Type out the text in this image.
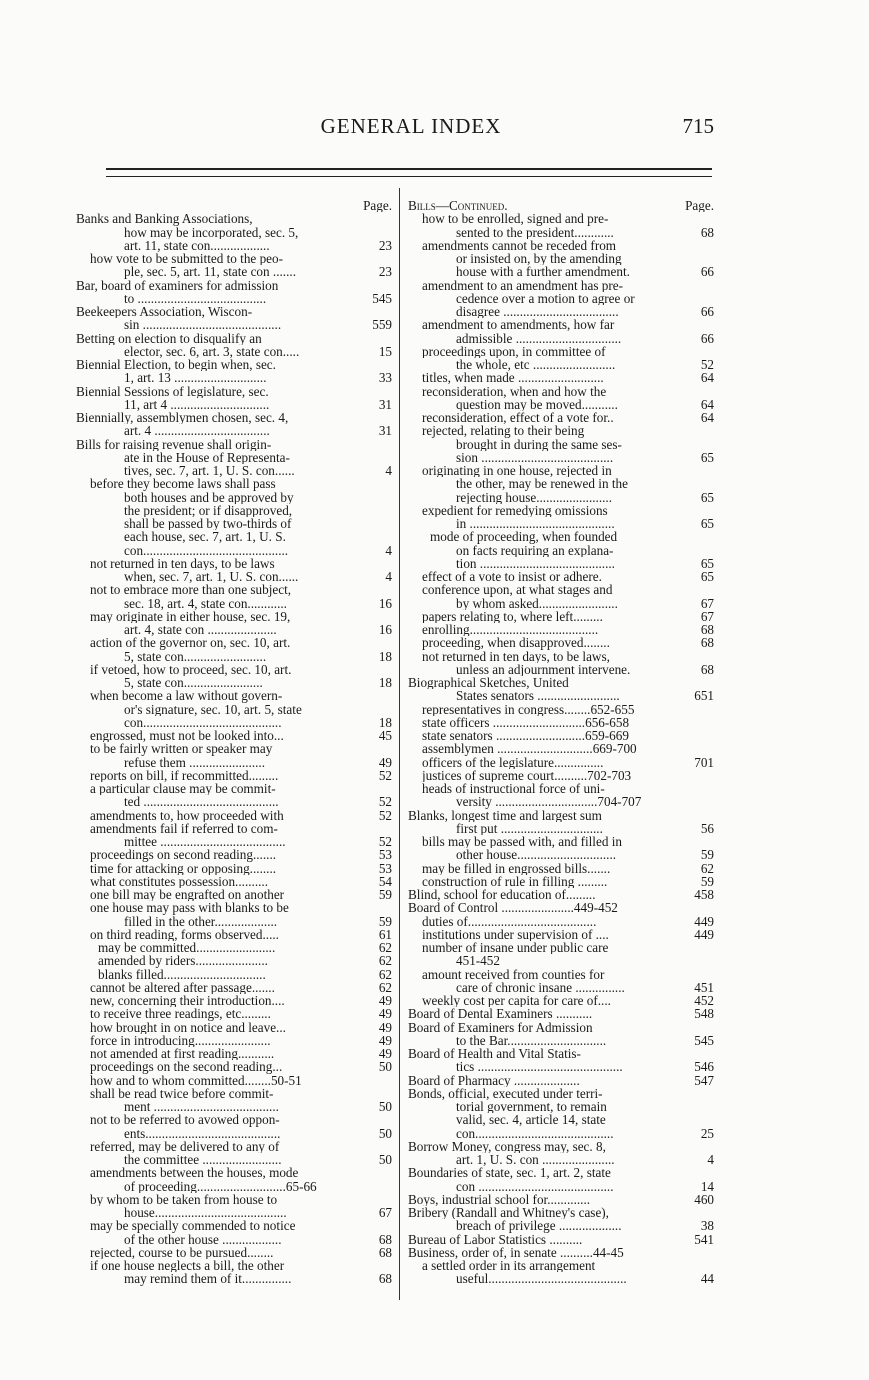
GENERAL INDEX	715
Page.
Banks and Banking Associations,
how may be incorporated, sec. 5,
art. 11, state con..................	23
how vote to be submitted to the peo-
ple, sec. 5, art. 11, state con .......	23
Bar, board of examiners for admission
to .......................................	545
Beekeepers Association, Wiscon-
sin ..........................................	559
Betting on election to disqualify an
elector, sec. 6, art. 3, state con.....	15
Biennial Election, to begin when, sec.
1, art. 13 ............................	33
Biennial Sessions of legislature, sec.
11, art 4 ..............................	31
Biennially, assemblymen chosen, sec. 4,
art. 4 ...................................	31
Bills for raising revenue shall origin-
ate in the House of Representa-
tives, sec. 7, art. 1, U. S. con......	4
before they become laws shall pass
both houses and be approved by
the president; or if disapproved,
shall be passed by two-thirds of
each house, sec. 7, art. 1, U. S.
con............................................	4
not returned in ten days, to be laws
when, sec. 7, art. 1, U. S. con......	4
not to embrace more than one subject,
sec. 18, art. 4, state con............	16
may originate in either house, sec. 19,
art. 4, state con .....................	16
action of the governor on, sec. 10, art.
5, state con.........................	18
if vetoed, how to proceed, sec. 10, art.
5, state con........................	18
when become a law without govern-
or's signature, sec. 10, art. 5, state
con..........................................	18
engrossed, must not be looked into...	45
to be fairly written or speaker may
refuse them .......................	49
reports on bill, if recommitted.........	52
a particular clause may be commit-
ted .........................................	52
amendments to, how proceeded with	52
amendments fail if referred to com-
mittee ......................................	52
proceedings on second reading.......	53
time for attacking or opposing........	53
what constitutes possession..........	54
one bill may be engrafted on another	59
one house may pass with blanks to be
filled in the other...................	59
on third reading, forms observed.....	61
may be committed........................	62
amended by riders......................	62
blanks filled...............................	62
cannot be altered after passage.......	62
new, concerning their introduction....	49
to receive three readings, etc.........	49
how brought in on notice and leave...	49
force in introducing.......................	49
not amended at first reading...........	49
proceedings on the second reading...	50
how and to whom committed........50-51
shall be read twice before commit-
ment ......................................	50
not to be referred to avowed oppon-
ents.........................................	50
referred, may be delivered to any of
the committee ........................	50
amendments between the houses, mode
of proceeding...........................65-66
by whom to be taken from house to
house........................................	67
may be specially commended to notice
of the other house ..................	68
rejected, course to be pursued........	68
if one house neglects a bill, the other
may remind them of it...............	68
Bills—Continued.	Page.
how to be enrolled, signed and pre-
sented to the president............	68
amendments cannot be receded from
or insisted on, by the amending
house with a further amendment.	66
amendment to an amendment has pre-
cedence over a motion to agree or
disagree ...................................	66
amendment to amendments, how far
admissible ................................	66
proceedings upon, in committee of
the whole, etc .........................	52
titles, when made ..........................	64
reconsideration, when and how the
question may be moved...........	64
reconsideration, effect of a vote for..	64
rejected, relating to their being
brought in during the same ses-
sion ........................................	65
originating in one house, rejected in
the other, may be renewed in the
rejecting house.......................	65
expedient for remedying omissions
in ............................................	65
mode of proceeding, when founded
on facts requiring an explana-
tion .........................................	65
effect of a vote to insist or adhere.	65
conference upon, at what stages and
by whom asked........................	67
papers relating to, where left.........	67
enrolling.......................................	68
proceeding, when disapproved........	68
not returned in ten days, to be laws,
unless an adjournment intervene.	68
Biographical Sketches, United
States senators .........................	651
representatives in congress........652-655
state officers ............................656-658
state senators ...........................659-669
assemblymen .............................669-700
officers of the legislature...............	701
justices of supreme court..........702-703
heads of instructional force of uni-
versity ...............................704-707
Blanks, longest time and largest sum
first put ...............................	56
bills may be passed with, and filled in
other house..............................	59
may be filled in engrossed bills.......	62
construction of rule in filling .........	59
Blind, school for education of.........	458
Board of Control ......................449-452
duties of.......................................	449
institutions under supervision of ....	449
number of insane under public care
451-452
amount received from counties for
care of chronic insane ...............	451
weekly cost per capita for care of....	452
Board of Dental Examiners ...........	548
Board of Examiners for Admission
to the Bar..............................	545
Board of Health and Vital Statis-
tics ............................................	546
Board of Pharmacy ....................	547
Bonds, official, executed under terri-
torial government, to remain
valid, sec. 4, article 14, state
con..........................................	25
Borrow Money, congress may, sec. 8,
art. 1, U. S. con ......................	4
Boundaries of state, sec. 1, art. 2, state
con .........................................	14
Boys, industrial school for.............	460
Bribery (Randall and Whitney's case),
breach of privilege ...................	38
Bureau of Labor Statistics ..........	541
Business, order of, in senate ..........44-45
a settled order in its arrangement
useful..........................................	44
